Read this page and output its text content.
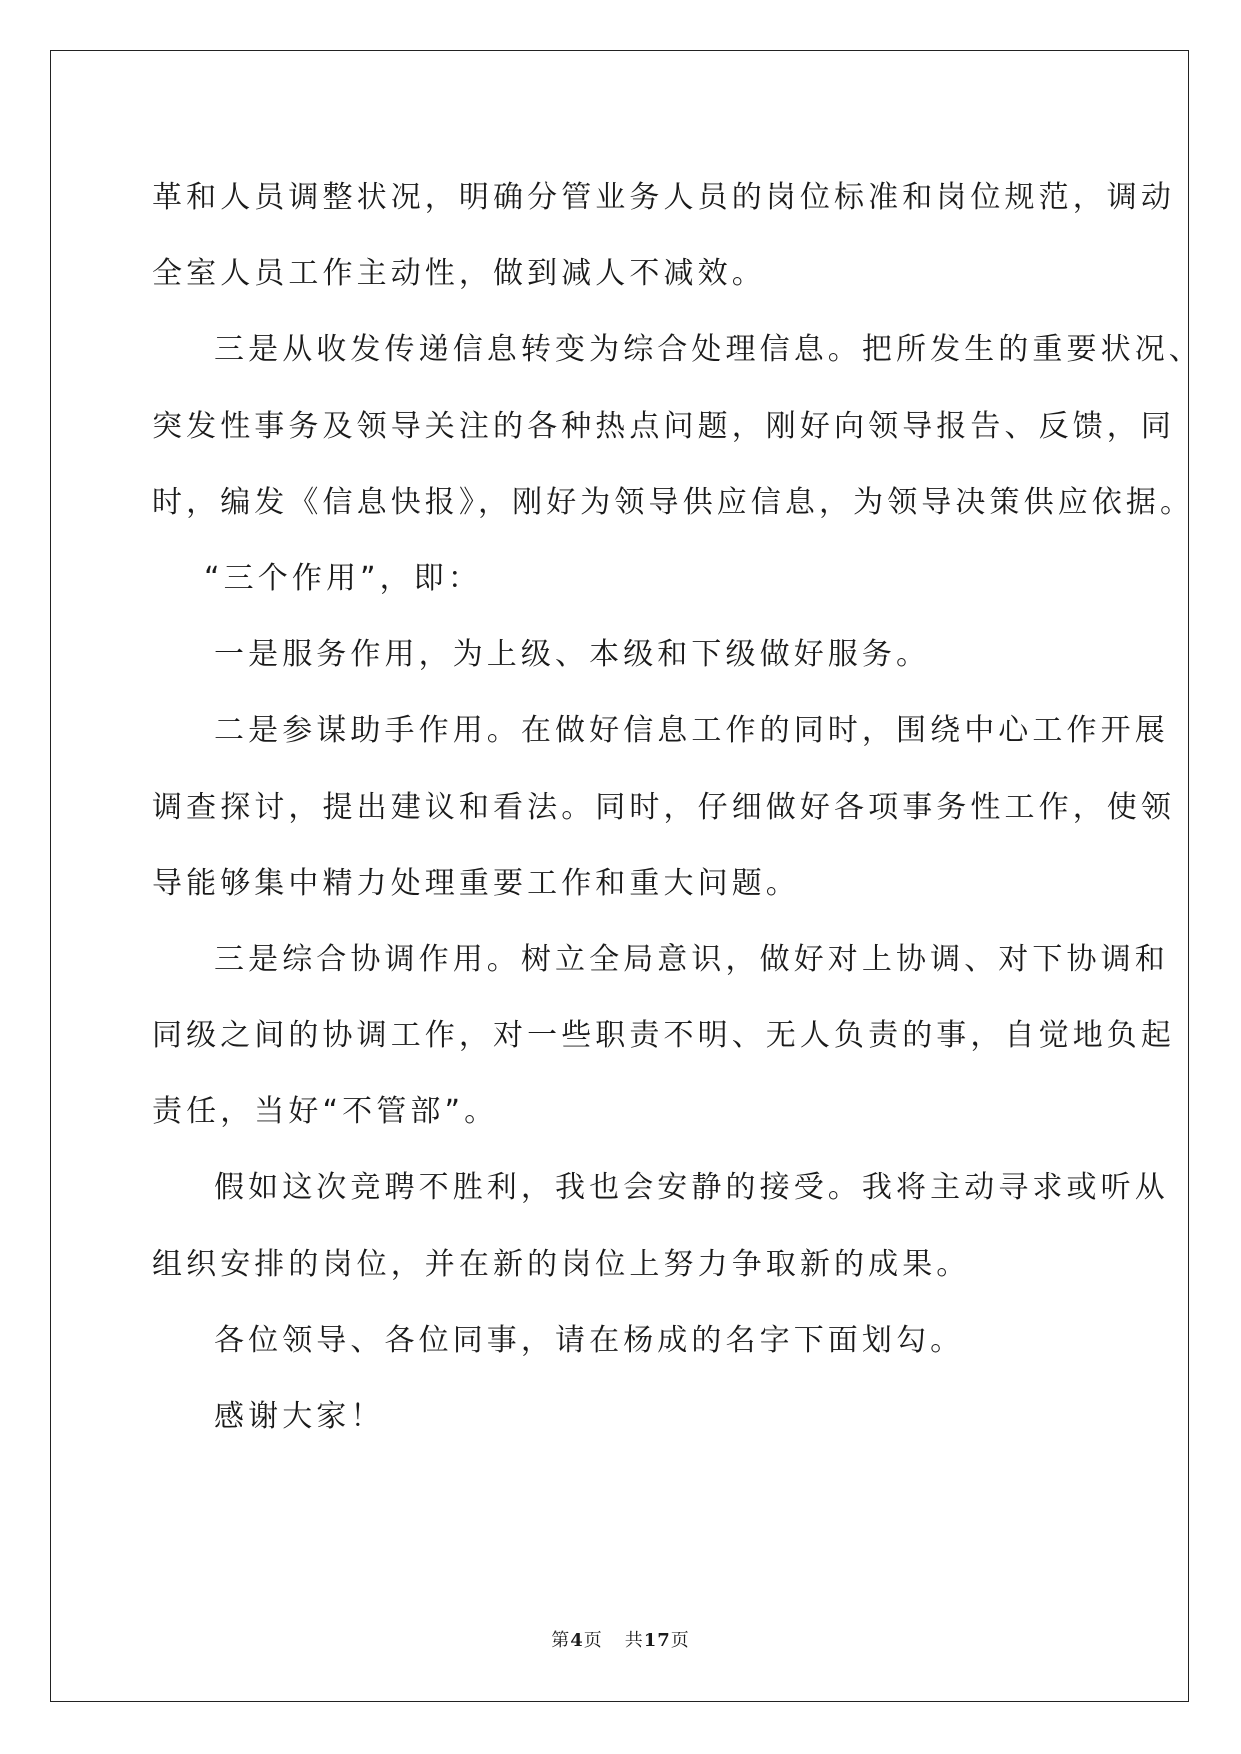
革和人员调整状况，明确分管业务人员的岗位标准和岗位规范，调动

全室人员工作主动性，做到减人不减效。

三是从收发传递信息转变为综合处理信息。把所发生的重要状况、

突发性事务及领导关注的各种热点问题，刚好向领导报告、反馈，同

时，编发《信息快报》，刚好为领导供应信息，为领导决策供应依据。

“三个作用”，即：

一是服务作用，为上级、本级和下级做好服务。

二是参谋助手作用。在做好信息工作的同时，围绕中心工作开展

调查探讨，提出建议和看法。同时，仔细做好各项事务性工作，使领

导能够集中精力处理重要工作和重大问题。

三是综合协调作用。树立全局意识，做好对上协调、对下协调和

同级之间的协调工作，对一些职责不明、无人负责的事，自觉地负起

责任，当好“不管部”。

假如这次竞聘不胜利，我也会安静的接受。我将主动寻求或听从

组织安排的岗位，并在新的岗位上努力争取新的成果。

各位领导、各位同事，请在杨成的名字下面划勾。

感谢大家！

第4页 共17页
